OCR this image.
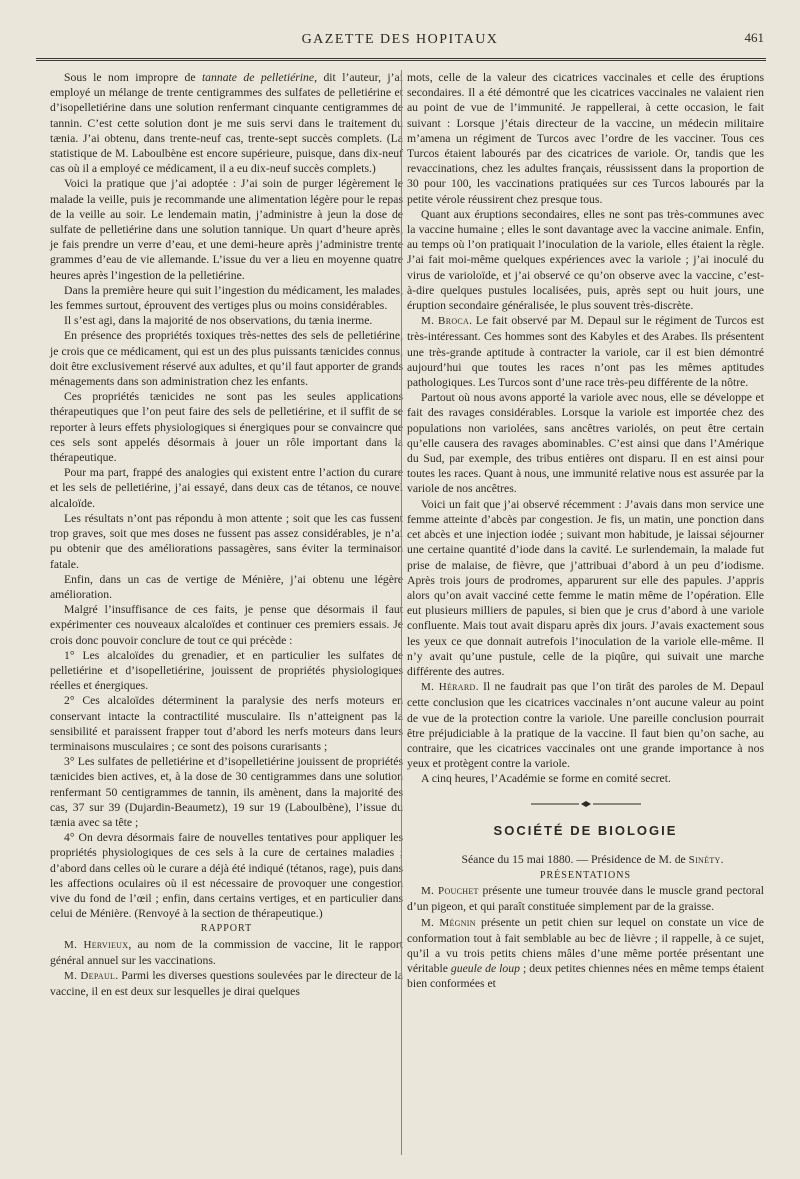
GAZETTE DES HOPITAUX	461

Sous le nom impropre de tannate de pelletiérine, dit l’auteur, j’ai employé un mélange de trente centigrammes des sulfates de pelletiérine et d’isopelletiérine dans une solution renfermant cinquante centigrammes de tannin. C’est cette solution dont je me suis servi dans le traitement du tænia. J’ai obtenu, dans trente-neuf cas, trente-sept succès complets. (La statistique de M. Laboulbène est encore supérieure, puisque, dans dix-neuf cas où il a employé ce médicament, il a eu dix-neuf succès complets.)

Voici la pratique que j’ai adoptée : J’ai soin de purger légèrement le malade la veille, puis je recommande une alimentation légère pour le repas de la veille au soir. Le lendemain matin, j’administre à jeun la dose de sulfate de pelletiérine dans une solution tannique. Un quart d’heure après, je fais prendre un verre d’eau, et une demi-heure après j’administre trente grammes d’eau de vie allemande. L’issue du ver a lieu en moyenne quatre heures après l’ingestion de la pelletiérine.

Dans la première heure qui suit l’ingestion du médicament, les malades, les femmes surtout, éprouvent des vertiges plus ou moins considérables.

Il s’est agi, dans la majorité de nos observations, du tænia inerme.

En présence des propriétés toxiques très-nettes des sels de pelletiérine, je crois que ce médicament, qui est un des plus puissants tænicides connus, doit être exclusivement réservé aux adultes, et qu’il faut apporter de grands ménagements dans son administration chez les enfants.

Ces propriétés tænicides ne sont pas les seules applications thérapeutiques que l’on peut faire des sels de pelletiérine, et il suffit de se reporter à leurs effets physiologiques si énergiques pour se convaincre que ces sels sont appelés désormais à jouer un rôle important dans la thérapeutique.

Pour ma part, frappé des analogies qui existent entre l’action du curare et les sels de pelletiérine, j’ai essayé, dans deux cas de tétanos, ce nouvel alcaloïde.

Les résultats n’ont pas répondu à mon attente ; soit que les cas fussent trop graves, soit que mes doses ne fussent pas assez considérables, je n’ai pu obtenir que des améliorations passagères, sans éviter la terminaison fatale.

Enfin, dans un cas de vertige de Ménière, j’ai obtenu une légère amélioration.

Malgré l’insuffisance de ces faits, je pense que désormais il faut expérimenter ces nouveaux alcaloïdes et continuer ces premiers essais. Je crois donc pouvoir conclure de tout ce qui précède :

1° Les alcaloïdes du grenadier, et en particulier les sulfates de pelletiérine et d’isopelletiérine, jouissent de propriétés physiologiques réelles et énergiques.

2° Ces alcaloïdes déterminent la paralysie des nerfs moteurs en conservant intacte la contractilité musculaire. Ils n’atteignent pas la sensibilité et paraissent frapper tout d’abord les nerfs moteurs dans leurs terminaisons musculaires ; ce sont des poisons curarisants ;

3° Les sulfates de pelletiérine et d’isopelletiérine jouissent de propriétés tænicides bien actives, et, à la dose de 30 centigrammes dans une solution renfermant 50 centigrammes de tannin, ils amènent, dans la majorité des cas, 37 sur 39 (Dujardin-Beaumetz), 19 sur 19 (Laboulbène), l’issue du tænia avec sa tête ;

4° On devra désormais faire de nouvelles tentatives pour appliquer les propriétés physiologiques de ces sels à la cure de certaines maladies ; d’abord dans celles où le curare a déjà été indiqué (tétanos, rage), puis dans les affections oculaires où il est nécessaire de provoquer une congestion vive du fond de l’œil ; enfin, dans certains vertiges, et en particulier dans celui de Ménière. (Renvoyé à la section de thérapeutique.)

RAPPORT

M. Hervieux, au nom de la commission de vaccine, lit le rapport général annuel sur les vaccinations.

M. Depaul. Parmi les diverses questions soulevées par le directeur de la vaccine, il en est deux sur lesquelles je dirai quelques

mots, celle de la valeur des cicatrices vaccinales et celle des éruptions secondaires. Il a été démontré que les cicatrices vaccinales ne valaient rien au point de vue de l’immunité. Je rappellerai, à cette occasion, le fait suivant : Lorsque j’étais directeur de la vaccine, un médecin militaire m’amena un régiment de Turcos avec l’ordre de les vacciner. Tous ces Turcos étaient labourés par des cicatrices de variole. Or, tandis que les revaccinations, chez les adultes français, réussissent dans la proportion de 30 pour 100, les vaccinations pratiquées sur ces Turcos labourés par la petite vérole réussirent chez presque tous.

Quant aux éruptions secondaires, elles ne sont pas très-communes avec la vaccine humaine ; elles le sont davantage avec la vaccine animale. Enfin, au temps où l’on pratiquait l’inoculation de la variole, elles étaient la règle. J’ai fait moi-même quelques expériences avec la variole ; j’ai inoculé du virus de varioloïde, et j’ai observé ce qu’on observe avec la vaccine, c’est-à-dire quelques pustules localisées, puis, après sept ou huit jours, une éruption secondaire généralisée, le plus souvent très-discrète.

M. Broca. Le fait observé par M. Depaul sur le régiment de Turcos est très-intéressant. Ces hommes sont des Kabyles et des Arabes. Ils présentent une très-grande aptitude à contracter la variole, car il est bien démontré aujourd’hui que toutes les races n’ont pas les mêmes aptitudes pathologiques. Les Turcos sont d’une race très-peu différente de la nôtre.

Partout où nous avons apporté la variole avec nous, elle se développe et fait des ravages considérables. Lorsque la variole est importée chez des populations non variolées, sans ancêtres variolés, on peut être certain qu’elle causera des ravages abominables. C’est ainsi que dans l’Amérique du Sud, par exemple, des tribus entières ont disparu. Il en est ainsi pour toutes les races. Quant à nous, une immunité relative nous est assurée par la variole de nos ancêtres.

Voici un fait que j’ai observé récemment : J’avais dans mon service une femme atteinte d’abcès par congestion. Je fis, un matin, une ponction dans cet abcès et une injection iodée ; suivant mon habitude, je laissai séjourner une certaine quantité d’iode dans la cavité. Le surlendemain, la malade fut prise de malaise, de fièvre, que j’attribuai d’abord à un peu d’iodisme. Après trois jours de prodromes, apparurent sur elle des papules. J’appris alors qu’on avait vacciné cette femme le matin même de l’opération. Elle eut plusieurs milliers de papules, si bien que je crus d’abord à une variole confluente. Mais tout avait disparu après dix jours. J’avais exactement sous les yeux ce que donnait autrefois l’inoculation de la variole elle-même. Il n’y avait qu’une pustule, celle de la piqûre, qui suivait une marche différente des autres.

M. Hérard. Il ne faudrait pas que l’on tirât des paroles de M. Depaul cette conclusion que les cicatrices vaccinales n’ont aucune valeur au point de vue de la protection contre la variole. Une pareille conclusion pourrait être préjudiciable à la pratique de la vaccine. Il faut bien qu’on sache, au contraire, que les cicatrices vaccinales ont une grande importance à nos yeux et protègent contre la variole.

A cinq heures, l’Académie se forme en comité secret.

SOCIÉTÉ DE BIOLOGIE

Séance du 15 mai 1880. — Présidence de M. de Sinéty.

PRÉSENTATIONS

M. Pouchet présente une tumeur trouvée dans le muscle grand pectoral d’un pigeon, et qui paraît constituée simplement par de la graisse.

M. Mégnin présente un petit chien sur lequel on constate un vice de conformation tout à fait semblable au bec de lièvre ; il rappelle, à ce sujet, qu’il a vu trois petits chiens mâles d’une même portée présentant une véritable gueule de loup ; deux petites chiennes nées en même temps étaient bien conformées et
